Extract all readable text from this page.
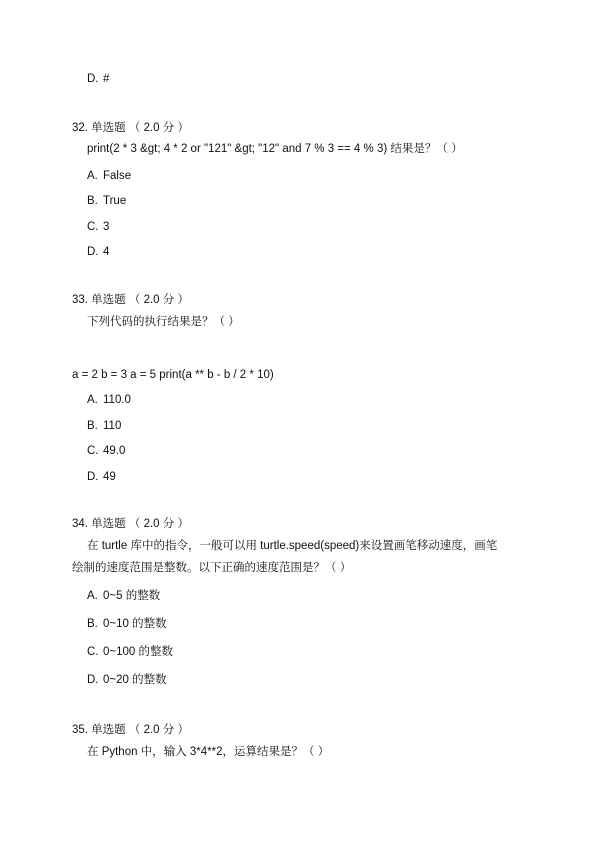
D. #
32. 单选题 （ 2.0 分 ）
print(2 * 3 &gt; 4 * 2 or "121" &gt; "12" and 7 % 3 == 4 % 3) 结果是？（ ）
A. False
B. True
C. 3
D. 4
33. 单选题 （ 2.0 分 ）
下列代码的执行结果是？（ ）
a = 2 b = 3 a = 5 print(a ** b - b / 2 * 10)
A. 110.0
B. 110
C. 49.0
D. 49
34. 单选题 （ 2.0 分 ）
在 turtle 库中的指令，一般可以用 turtle.speed(speed)来设置画笔移动速度，画笔
绘制的速度范围是整数。以下正确的速度范围是？（ ）
A. 0~5 的整数
B. 0~10 的整数
C. 0~100 的整数
D. 0~20 的整数
35. 单选题 （ 2.0 分 ）
在 Python 中，输入 3*4**2，运算结果是？（ ）
